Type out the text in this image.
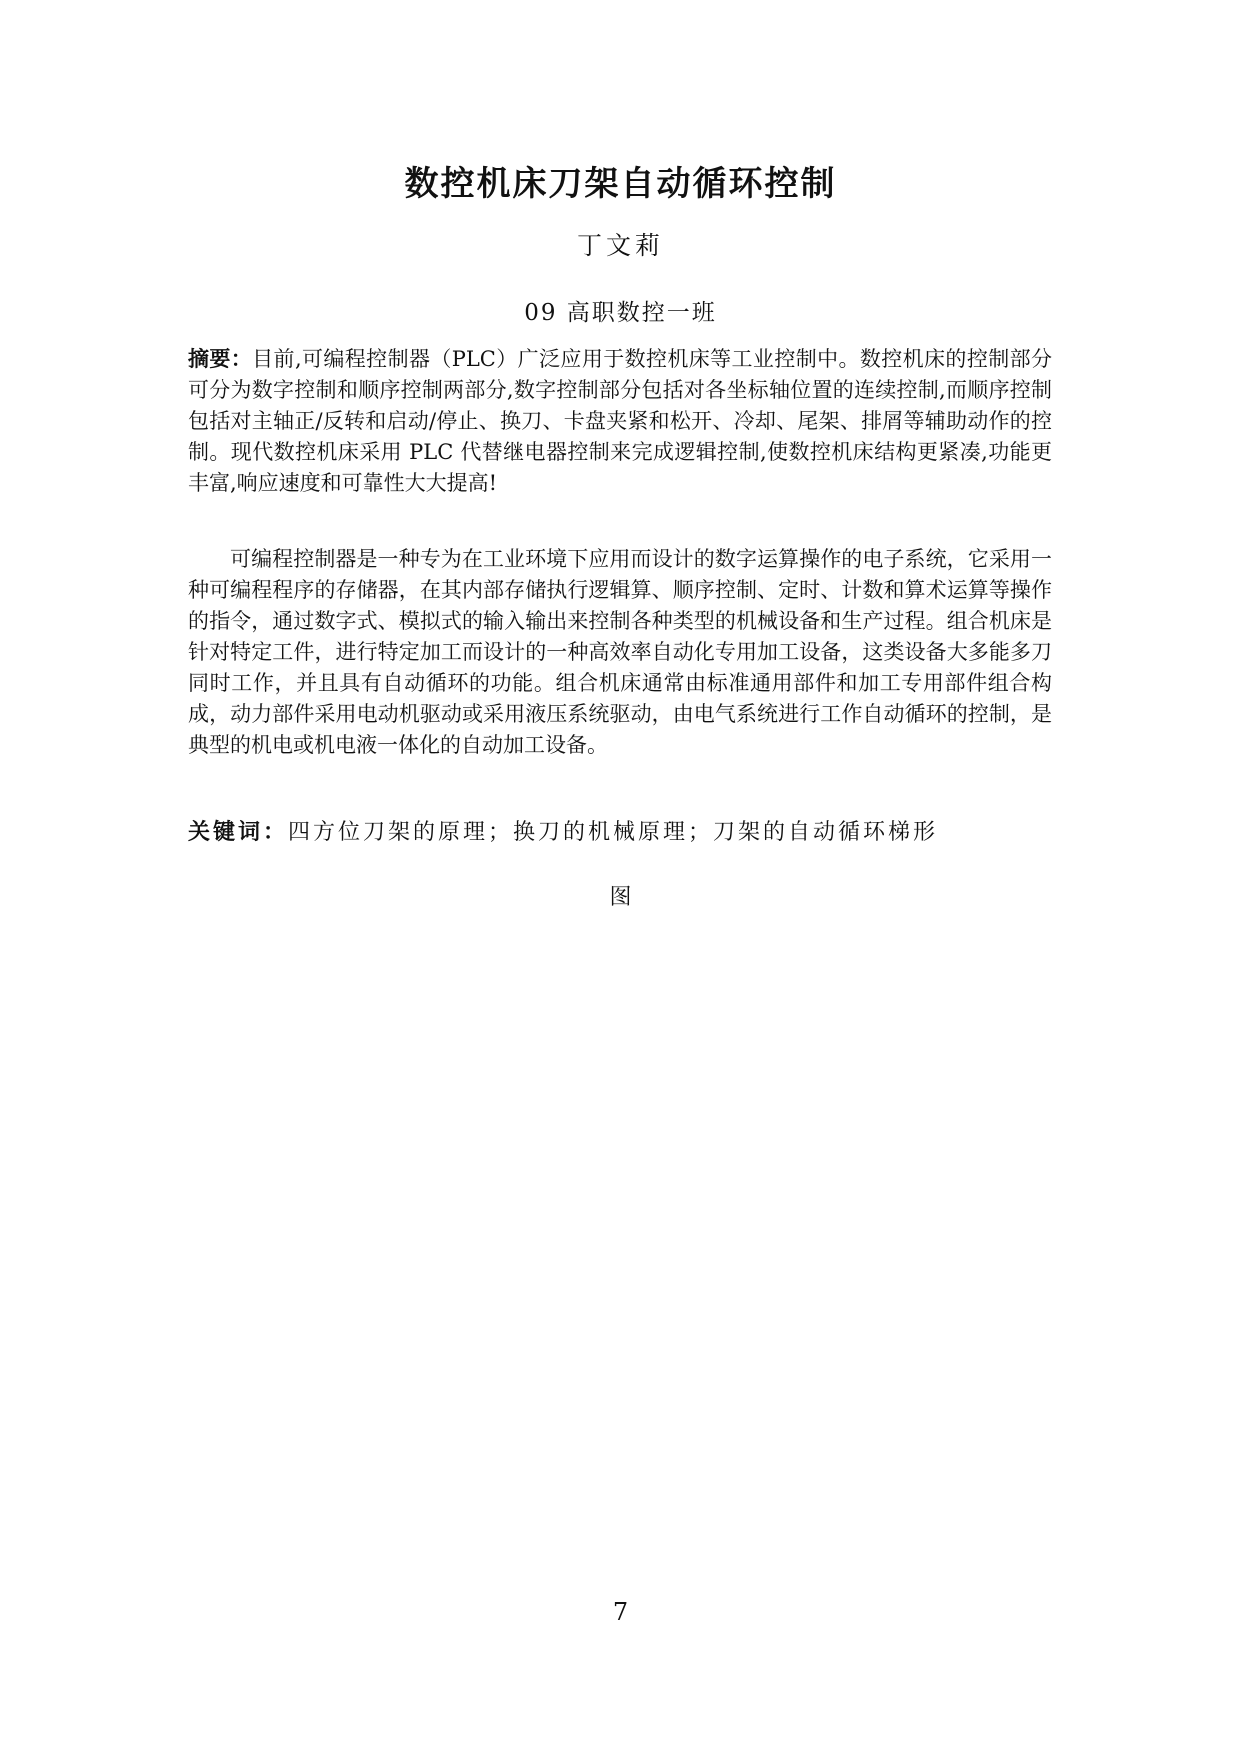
数控机床刀架自动循环控制
丁文莉
09 高职数控一班
摘要：目前,可编程控制器（PLC）广泛应用于数控机床等工业控制中。数控机床的控制部分可分为数字控制和顺序控制两部分,数字控制部分包括对各坐标轴位置的连续控制,而顺序控制包括对主轴正/反转和启动/停止、换刀、卡盘夹紧和松开、冷却、尾架、排屑等辅助动作的控制。现代数控机床采用 PLC 代替继电器控制来完成逻辑控制,使数控机床结构更紧凑,功能更丰富,响应速度和可靠性大大提高!
可编程控制器是一种专为在工业环境下应用而设计的数字运算操作的电子系统，它采用一种可编程程序的存储器，在其内部存储执行逻辑算、顺序控制、定时、计数和算术运算等操作的指令，通过数字式、模拟式的输入输出来控制各种类型的机械设备和生产过程。组合机床是针对特定工件，进行特定加工而设计的一种高效率自动化专用加工设备，这类设备大多能多刀同时工作，并且具有自动循环的功能。组合机床通常由标准通用部件和加工专用部件组合构成，动力部件采用电动机驱动或采用液压系统驱动，由电气系统进行工作自动循环的控制，是典型的机电或机电液一体化的自动加工设备。
关键词：四方位刀架的原理；换刀的机械原理；刀架的自动循环梯形
图
7
